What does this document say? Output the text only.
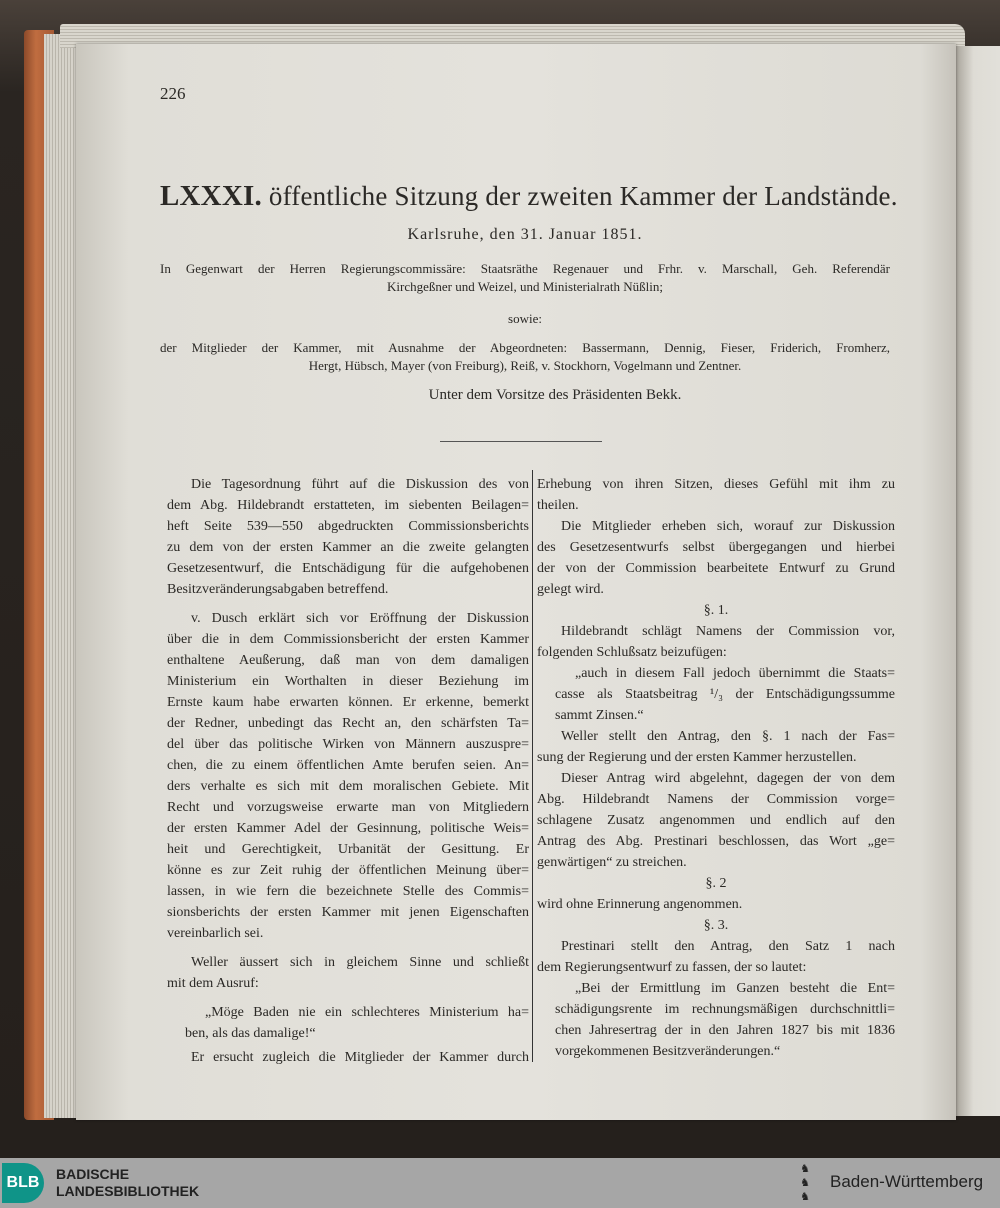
226
LXXXI. öffentliche Sitzung der zweiten Kammer der Landstände.
Karlsruhe, den 31. Januar 1851.
In Gegenwart der Herren Regierungscommissäre: Staatsräthe Regenauer und Frhr. v. Marschall, Geh. Referendär
Kirchgeßner und Weizel, und Ministerialrath Nüßlin;
sowie:
der Mitglieder der Kammer, mit Ausnahme der Abgeordneten: Bassermann, Dennig, Fieser, Friderich, Fromherz,
Hergt, Hübsch, Mayer (von Freiburg), Reiß, v. Stockhorn, Vogelmann und Zentner.
Unter dem Vorsitze des Präsidenten Bekk.
Die Tagesordnung führt auf die Diskussion des von
dem Abg. Hildebrandt erstatteten, im siebenten Beilagen=
heft Seite 539—550 abgedruckten Commissionsberichts
zu dem von der ersten Kammer an die zweite gelangten
Gesetzesentwurf, die Entschädigung für die aufgehobenen
Besitzveränderungsabgaben betreffend.
v. Dusch erklärt sich vor Eröffnung der Diskussion
über die in dem Commissionsbericht der ersten Kammer
enthaltene Aeußerung, daß man von dem damaligen
Ministerium ein Worthalten in dieser Beziehung im
Ernste kaum habe erwarten können. Er erkenne, bemerkt
der Redner, unbedingt das Recht an, den schärfsten Ta=
del über das politische Wirken von Männern auszuspre=
chen, die zu einem öffentlichen Amte berufen seien. An=
ders verhalte es sich mit dem moralischen Gebiete. Mit
Recht und vorzugsweise erwarte man von Mitgliedern
der ersten Kammer Adel der Gesinnung, politische Weis=
heit und Gerechtigkeit, Urbanität der Gesittung. Er
könne es zur Zeit ruhig der öffentlichen Meinung über=
lassen, in wie fern die bezeichnete Stelle des Commis=
sionsberichts der ersten Kammer mit jenen Eigenschaften
vereinbarlich sei.
Weller äussert sich in gleichem Sinne und schließt
mit dem Ausruf:
„Möge Baden nie ein schlechteres Ministerium ha=
ben, als das damalige!“
Er ersucht zugleich die Mitglieder der Kammer durch
Erhebung von ihren Sitzen, dieses Gefühl mit ihm zu
theilen.
Die Mitglieder erheben sich, worauf zur Diskussion
des Gesetzesentwurfs selbst übergegangen und hierbei
der von der Commission bearbeitete Entwurf zu Grund
gelegt wird.
§. 1.
Hildebrandt schlägt Namens der Commission vor,
folgenden Schlußsatz beizufügen:
„auch in diesem Fall jedoch übernimmt die Staats=
casse als Staatsbeitrag ¹/₃ der Entschädigungssumme
sammt Zinsen.“
Weller stellt den Antrag, den §. 1 nach der Fas=
sung der Regierung und der ersten Kammer herzustellen.
Dieser Antrag wird abgelehnt, dagegen der von dem
Abg. Hildebrandt Namens der Commission vorge=
schlagene Zusatz angenommen und endlich auf den
Antrag des Abg. Prestinari beschlossen, das Wort „ge=
genwärtigen“ zu streichen.
§. 2
wird ohne Erinnerung angenommen.
§. 3.
Prestinari stellt den Antrag, den Satz 1 nach
dem Regierungsentwurf zu fassen, der so lautet:
„Bei der Ermittlung im Ganzen besteht die Ent=
schädigungsrente im rechnungsmäßigen durchschnittli=
chen Jahresertrag der in den Jahren 1827 bis mit 1836
vorgekommenen Besitzveränderungen.“
BLB	BADISCHE
LANDESBIBLIOTHEK
♞
♞
♞
Baden-Württemberg
